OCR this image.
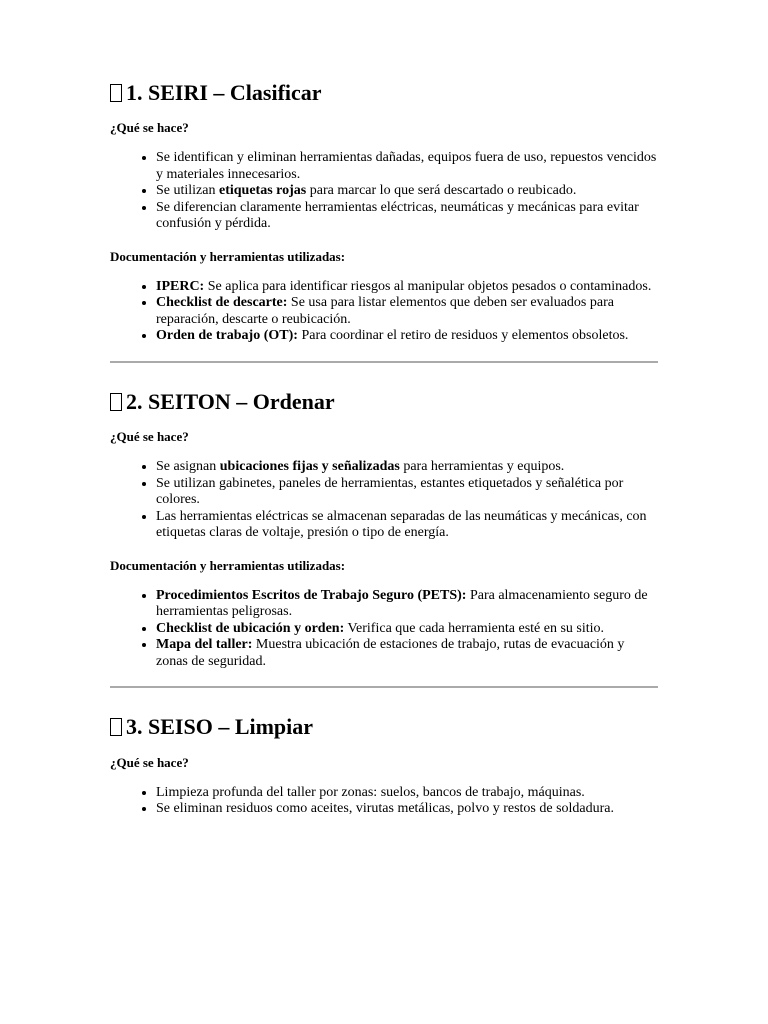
1. SEIRI – Clasificar

¿Qué se hace?

• Se identifican y eliminan herramientas dañadas, equipos fuera de uso, repuestos vencidos y materiales innecesarios.
• Se utilizan etiquetas rojas para marcar lo que será descartado o reubicado.
• Se diferencian claramente herramientas eléctricas, neumáticas y mecánicas para evitar confusión y pérdida.

Documentación y herramientas utilizadas:

• IPERC: Se aplica para identificar riesgos al manipular objetos pesados o contaminados.
• Checklist de descarte: Se usa para listar elementos que deben ser evaluados para reparación, descarte o reubicación.
• Orden de trabajo (OT): Para coordinar el retiro de residuos y elementos obsoletos.
2. SEITON – Ordenar

¿Qué se hace?

• Se asignan ubicaciones fijas y señalizadas para herramientas y equipos.
• Se utilizan gabinetes, paneles de herramientas, estantes etiquetados y señalética por colores.
• Las herramientas eléctricas se almacenan separadas de las neumáticas y mecánicas, con etiquetas claras de voltaje, presión o tipo de energía.

Documentación y herramientas utilizadas:

• Procedimientos Escritos de Trabajo Seguro (PETS): Para almacenamiento seguro de herramientas peligrosas.
• Checklist de ubicación y orden: Verifica que cada herramienta esté en su sitio.
• Mapa del taller: Muestra ubicación de estaciones de trabajo, rutas de evacuación y zonas de seguridad.
3. SEISO – Limpiar

¿Qué se hace?

• Limpieza profunda del taller por zonas: suelos, bancos de trabajo, máquinas.
• Se eliminan residuos como aceites, virutas metálicas, polvo y restos de soldadura.
